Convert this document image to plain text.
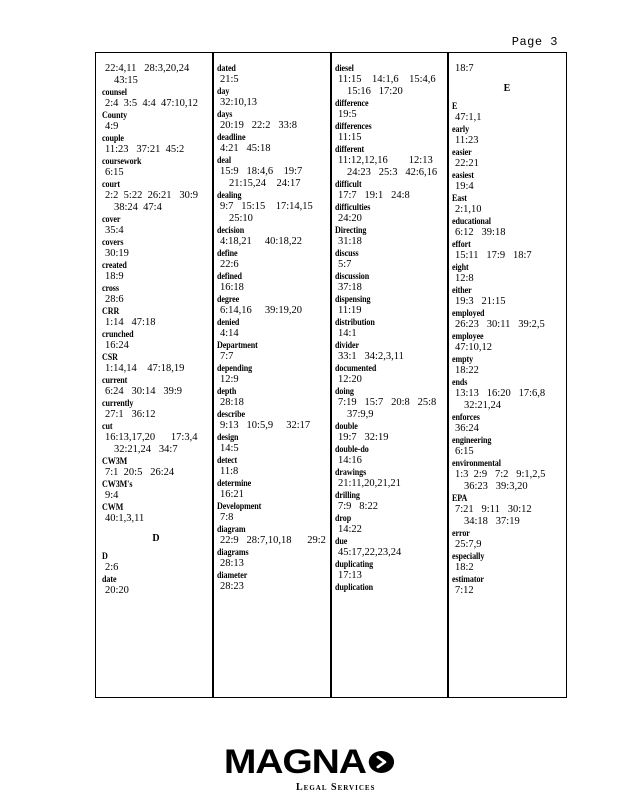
Page 3
22:4,11   28:3,20,24
43:15
counsel
2:4  3:5  4:4  47:10,12
County
4:9
couple
11:23   37:21  45:2
coursework
6:15
court
2:2  5:22  26:21   30:9
38:24  47:4
cover
35:4
covers
30:19
created
18:9
cross
28:6
CRR
1:14   47:18
crunched
16:24
CSR
1:14,14    47:18,19
current
6:24   30:14   39:9
currently
27:1   36:12
cut
16:13,17,20      17:3,4
32:21,24   34:7
CW3M
7:1  20:5   26:24
CW3M's
9:4
CWM
40:1,3,11
D
D
2:6
date
20:20
dated
21:5
day
32:10,13
days
20:19   22:2   33:8
deadline
4:21   45:18
deal
15:9   18:4,6    19:7
21:15,24    24:17
dealing
9:7   15:15    17:14,15
25:10
decision
4:18,21     40:18,22
define
22:6
defined
16:18
degree
6:14,16     39:19,20
denied
4:14
Department
7:7
depending
12:9
depth
28:18
describe
9:13   10:5,9     32:17
design
14:5
detect
11:8
determine
16:21
Development
7:8
diagram
22:9   28:7,10,18      29:2
diagrams
28:13
diameter
28:23
diesel
11:15    14:1,6    15:4,6
15:16   17:20
difference
19:5
differences
11:15
different
11:12,12,16        12:13
24:23   25:3   42:6,16
difficult
17:7   19:1   24:8
difficulties
24:20
Directing
31:18
discuss
5:7
discussion
37:18
dispensing
11:19
distribution
14:1
divider
33:1   34:2,3,11
documented
12:20
doing
7:19   15:7   20:8   25:8
37:9,9
double
19:7   32:19
double-do
14:16
drawings
21:11,20,21,21
drilling
7:9   8:22
drop
14:22
due
45:17,22,23,24
duplicating
17:13
duplication
18:7
E
E
47:1,1
early
11:23
easier
22:21
easiest
19:4
East
2:1,10
educational
6:12   39:18
effort
15:11   17:9   18:7
eight
12:8
either
19:3   21:15
employed
26:23   30:11   39:2,5
employee
47:10,12
empty
18:22
ends
13:13   16:20   17:6,8
32:21,24
enforces
36:24
engineering
6:15
environmental
1:3  2:9   7:2   9:1,2,5
36:23   39:3,20
EPA
7:21   9:11   30:12
34:18   37:19
error
25:7,9
especially
18:2
estimator
7:12
MAGNA
Legal Services
